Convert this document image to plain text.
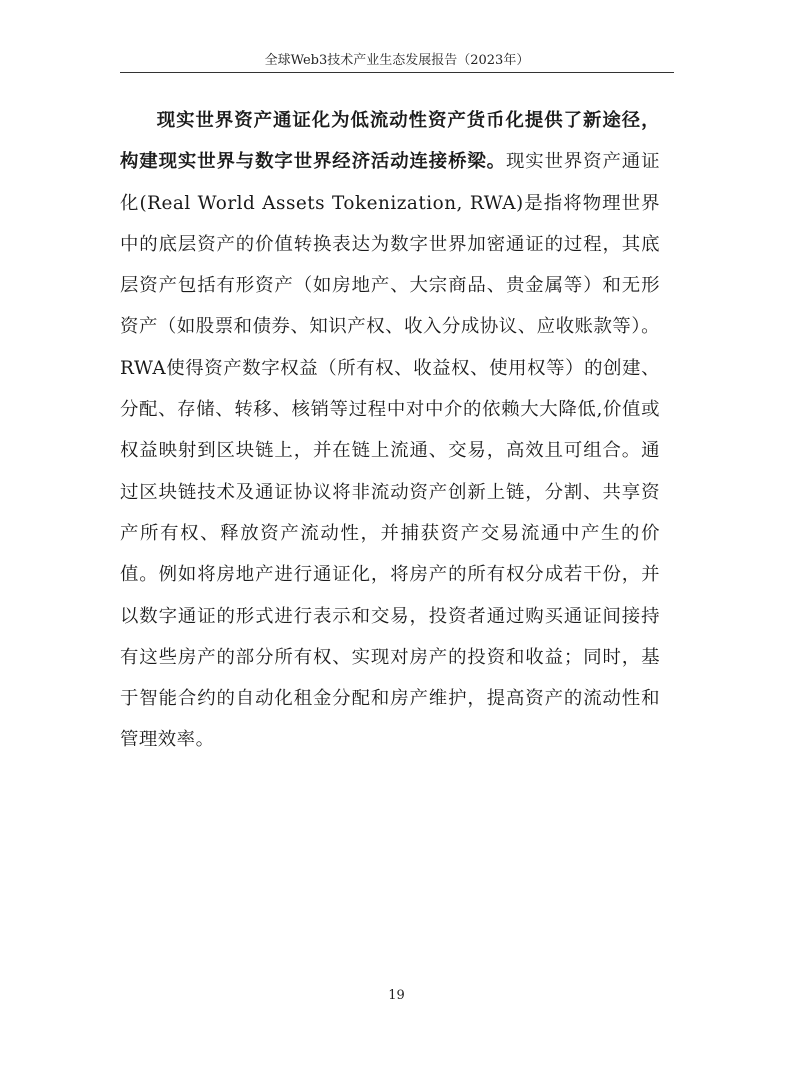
全球Web3技术产业生态发展报告（2023年）

现实世界资产通证化为低流动性资产货币化提供了新途径，构建现实世界与数字世界经济活动连接桥梁。现实世界资产通证化(Real World Assets Tokenization, RWA)是指将物理世界中的底层资产的价值转换表达为数字世界加密通证的过程，其底层资产包括有形资产（如房地产、大宗商品、贵金属等）和无形资产（如股票和债券、知识产权、收入分成协议、应收账款等）。RWA使得资产数字权益（所有权、收益权、使用权等）的创建、分配、存储、转移、核销等过程中对中介的依赖大大降低,价值或权益映射到区块链上，并在链上流通、交易，高效且可组合。通过区块链技术及通证协议将非流动资产创新上链，分割、共享资产所有权、释放资产流动性，并捕获资产交易流通中产生的价值。例如将房地产进行通证化，将房产的所有权分成若干份，并以数字通证的形式进行表示和交易，投资者通过购买通证间接持有这些房产的部分所有权、实现对房产的投资和收益；同时，基于智能合约的自动化租金分配和房产维护，提高资产的流动性和管理效率。

19
